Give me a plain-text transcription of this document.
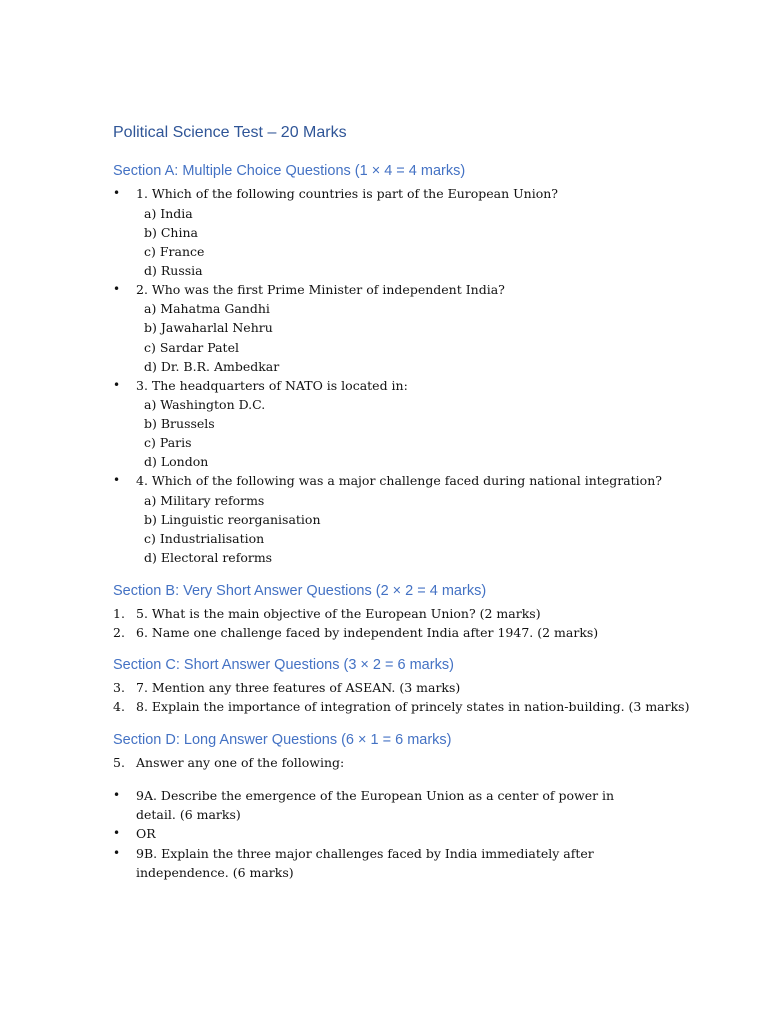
Political Science Test – 20 Marks
Section A: Multiple Choice Questions (1 × 4 = 4 marks)
• 1. Which of the following countries is part of the European Union?
a) India
b) China
c) France
d) Russia
• 2. Who was the first Prime Minister of independent India?
a) Mahatma Gandhi
b) Jawaharlal Nehru
c) Sardar Patel
d) Dr. B.R. Ambedkar
• 3. The headquarters of NATO is located in:
a) Washington D.C.
b) Brussels
c) Paris
d) London
• 4. Which of the following was a major challenge faced during national integration?
a) Military reforms
b) Linguistic reorganisation
c) Industrialisation
d) Electoral reforms
Section B: Very Short Answer Questions (2 × 2 = 4 marks)
1. 5. What is the main objective of the European Union? (2 marks)
2. 6. Name one challenge faced by independent India after 1947. (2 marks)
Section C: Short Answer Questions (3 × 2 = 6 marks)
3. 7. Mention any three features of ASEAN. (3 marks)
4. 8. Explain the importance of integration of princely states in nation-building. (3 marks)
Section D: Long Answer Questions (6 × 1 = 6 marks)
5. Answer any one of the following:
• 9A. Describe the emergence of the European Union as a center of power in detail. (6 marks)
• OR
• 9B. Explain the three major challenges faced by India immediately after independence. (6 marks)
